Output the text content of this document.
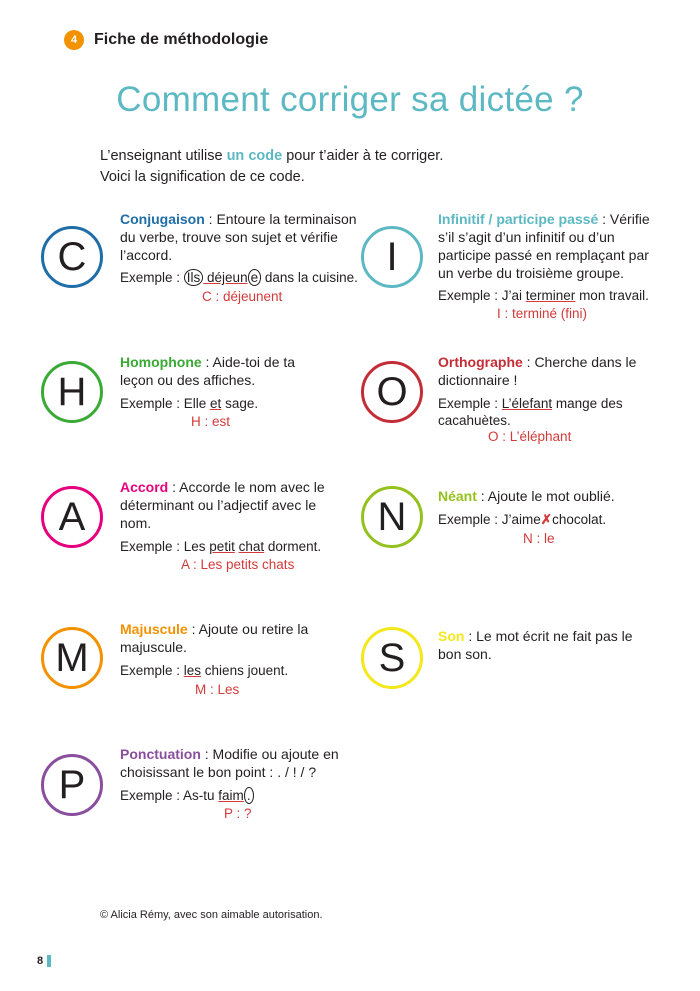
4	Fiche de méthodologie
Comment corriger sa dictée ?
L’enseignant utilise un code pour t’aider à te corriger.
Voici la signification de ce code.
C
Conjugaison : Entoure la terminaison du verbe, trouve son sujet et vérifie l’accord.
Exemple : Ils déjeun e dans la cuisine.
C : déjeunent
H
Homophone : Aide-toi de ta leçon ou des affiches.
Exemple : Elle et sage.
H : est
A
Accord : Accorde le nom avec le déterminant ou l’adjectif avec le nom.
Exemple : Les petit chat dorment.
A : Les petits chats
M
Majuscule : Ajoute ou retire la majuscule.
Exemple : les chiens jouent.
M : Les
P
Ponctuation : Modifie ou ajoute en choisissant le bon point : . / ! / ?
Exemple : As-tu faim .
P : ?
I
Infinitif / participe passé : Vérifie s’il s’agit d’un infinitif ou d’un participe passé en remplaçant par un verbe du troisième groupe.
Exemple : J’ai terminer mon travail.
I : terminé (fini)
O
Orthographe : Cherche dans le dictionnaire !
Exemple : L’élefant mange des cacahuètes.
O : L’éléphant
N	Néant : Ajoute le mot oublié.
Exemple : J’aime✗chocolat.
N : le
S	Son : Le mot écrit ne fait pas le bon son.
© Alicia Rémy, avec son aimable autorisation.
8
